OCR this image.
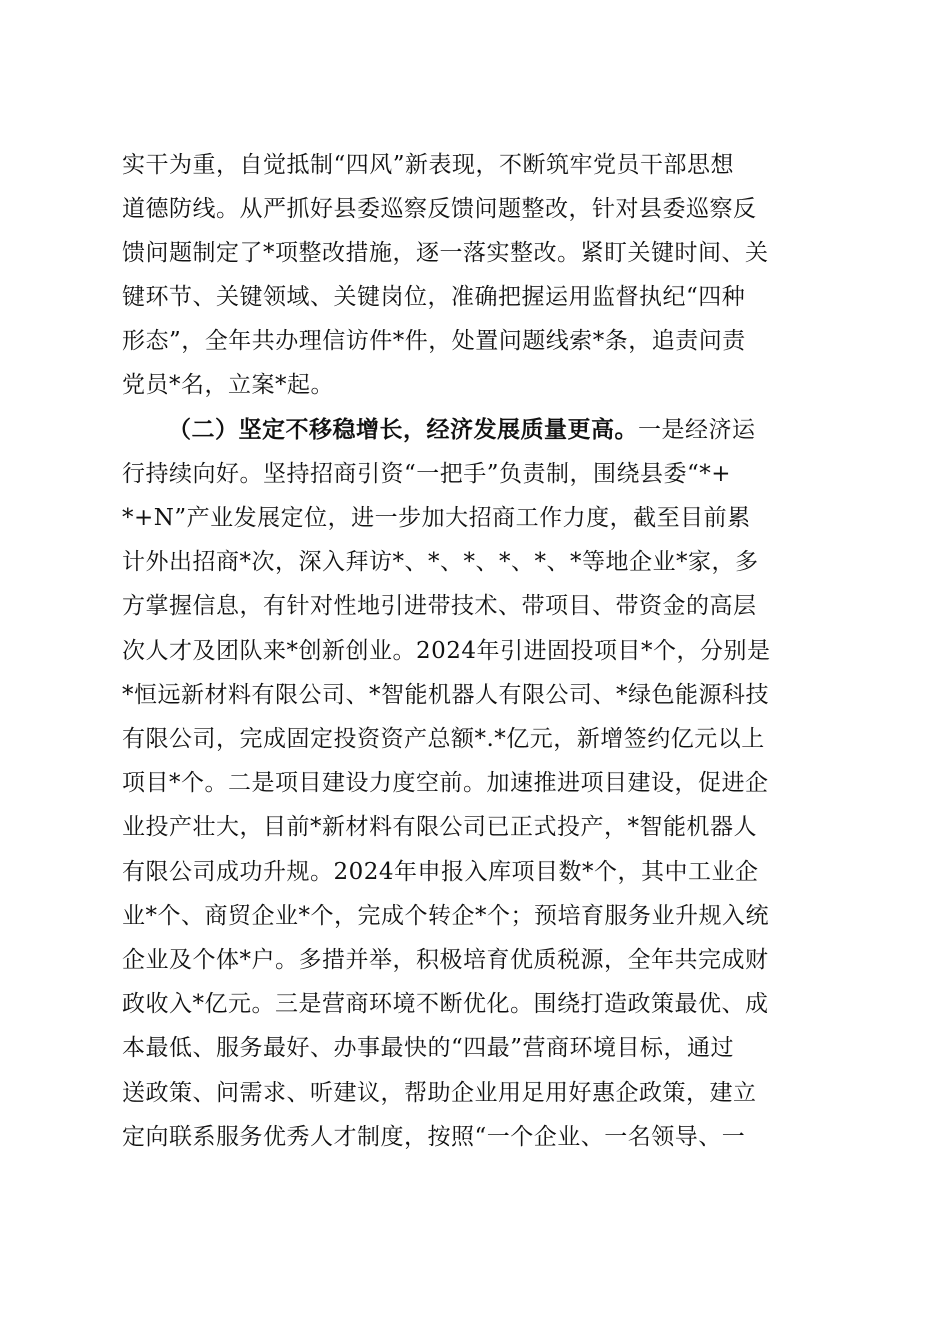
实干为重，自觉抵制“四风”新表现，不断筑牢党员干部思想
道德防线。从严抓好县委巡察反馈问题整改，针对县委巡察反
馈问题制定了*项整改措施，逐一落实整改。紧盯关键时间、关
键环节、关键领域、关键岗位，准确把握运用监督执纪“四种
形态”，全年共办理信访件*件，处置问题线索*条，追责问责
党员*名，立案*起。
（二）坚定不移稳增长，经济发展质量更高。一是经济运
行持续向好。坚持招商引资“一把手”负责制，围绕县委“*+
*+N”产业发展定位，进一步加大招商工作力度，截至目前累
计外出招商*次，深入拜访*、*、*、*、*、*等地企业*家，多
方掌握信息，有针对性地引进带技术、带项目、带资金的高层
次人才及团队来*创新创业。2024年引进固投项目*个，分别是
*恒远新材料有限公司、*智能机器人有限公司、*绿色能源科技
有限公司，完成固定投资资产总额*.*亿元，新增签约亿元以上
项目*个。二是项目建设力度空前。加速推进项目建设，促进企
业投产壮大，目前*新材料有限公司已正式投产，*智能机器人
有限公司成功升规。2024年申报入库项目数*个，其中工业企
业*个、商贸企业*个，完成个转企*个；预培育服务业升规入统
企业及个体*户。多措并举，积极培育优质税源，全年共完成财
政收入*亿元。三是营商环境不断优化。围绕打造政策最优、成
本最低、服务最好、办事最快的“四最”营商环境目标，通过
送政策、问需求、听建议，帮助企业用足用好惠企政策，建立
定向联系服务优秀人才制度，按照“一个企业、一名领导、一
